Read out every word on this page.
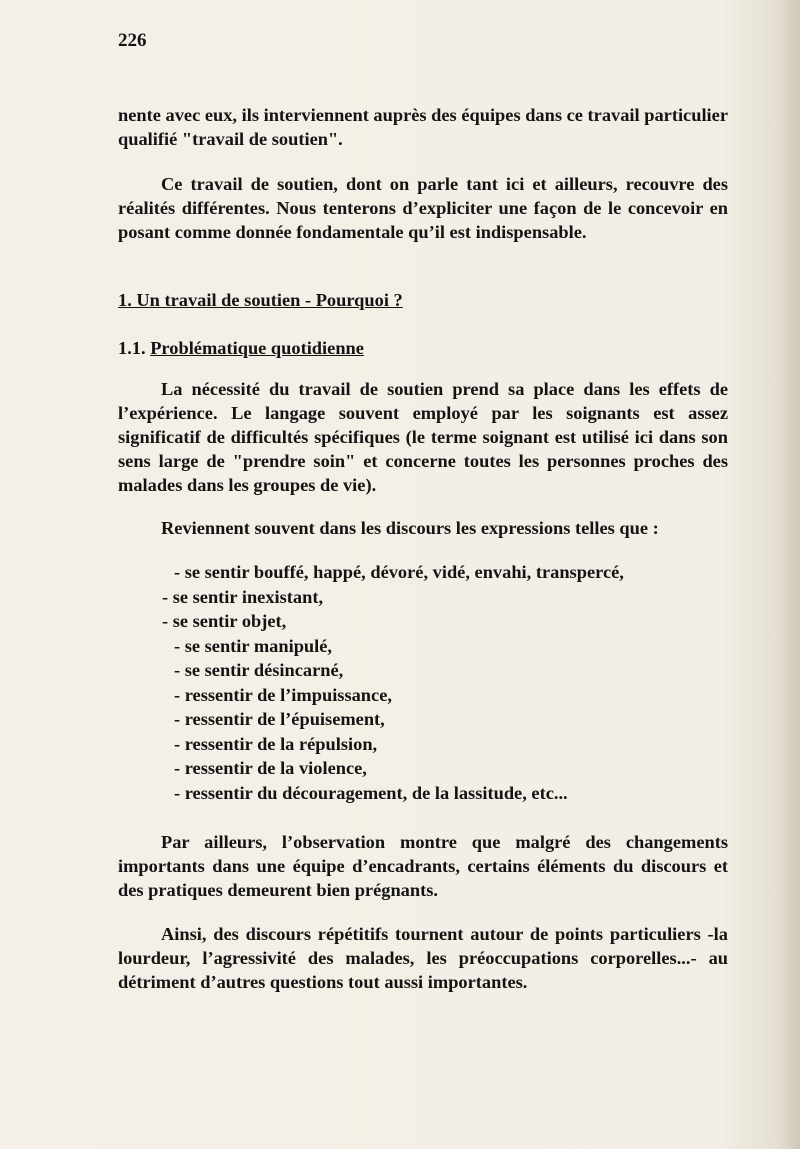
226

nente avec eux, ils interviennent auprès des équipes dans ce travail particulier qualifié "travail de soutien".

Ce travail de soutien, dont on parle tant ici et ailleurs, recouvre des réalités différentes. Nous tenterons d’expliciter une façon de le concevoir en posant comme donnée fondamentale qu’il est indispensable.

1. Un travail de soutien - Pourquoi ?
1.1. Problématique quotidienne

La nécessité du travail de soutien prend sa place dans les effets de l’expérience. Le langage souvent employé par les soignants est assez significatif de difficultés spécifiques (le terme soignant est utilisé ici dans son sens large de "prendre soin" et concerne toutes les personnes proches des malades dans les groupes de vie).

Reviennent souvent dans les discours les expressions telles que :

- se sentir bouffé, happé, dévoré, vidé, envahi, transpercé,
- se sentir inexistant,
- se sentir objet,
- se sentir manipulé,
- se sentir désincarné,
- ressentir de l’impuissance,
- ressentir de l’épuisement,
- ressentir de la répulsion,
- ressentir de la violence,
- ressentir du découragement, de la lassitude, etc...

Par ailleurs, l’observation montre que malgré des changements importants dans une équipe d’encadrants, certains éléments du discours et des pratiques demeurent bien prégnants.

Ainsi, des discours répétitifs tournent autour de points particuliers -la lourdeur, l’agressivité des malades, les préoccupations corporelles...- au détriment d’autres questions tout aussi importantes.
